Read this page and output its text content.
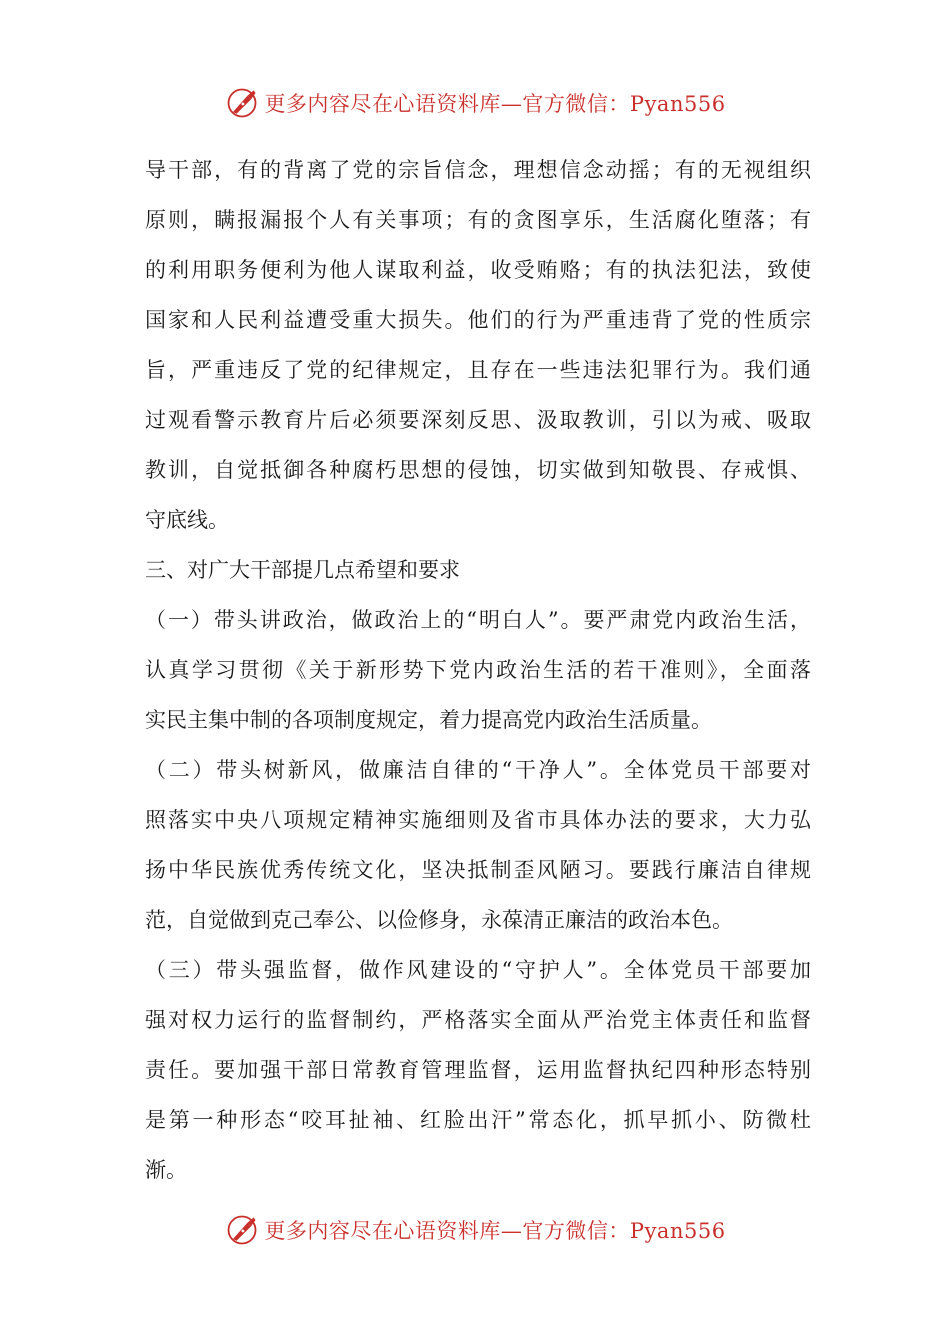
更多内容尽在心语资料库—官方微信：Pyan556
导干部，有的背离了党的宗旨信念，理想信念动摇；有的无视组织
原则，瞒报漏报个人有关事项；有的贪图享乐，生活腐化堕落；有
的利用职务便利为他人谋取利益，收受贿赂；有的执法犯法，致使
国家和人民利益遭受重大损失。他们的行为严重违背了党的性质宗
旨，严重违反了党的纪律规定，且存在一些违法犯罪行为。我们通
过观看警示教育片后必须要深刻反思、汲取教训，引以为戒、吸取
教训，自觉抵御各种腐朽思想的侵蚀，切实做到知敬畏、存戒惧、
守底线。
三、对广大干部提几点希望和要求
（一）带头讲政治，做政治上的“明白人”。要严肃党内政治生活，
认真学习贯彻《关于新形势下党内政治生活的若干准则》，全面落
实民主集中制的各项制度规定，着力提高党内政治生活质量。
（二）带头树新风，做廉洁自律的“干净人”。全体党员干部要对
照落实中央八项规定精神实施细则及省市具体办法的要求，大力弘
扬中华民族优秀传统文化，坚决抵制歪风陋习。要践行廉洁自律规
范，自觉做到克己奉公、以俭修身，永葆清正廉洁的政治本色。
（三）带头强监督，做作风建设的“守护人”。全体党员干部要加
强对权力运行的监督制约，严格落实全面从严治党主体责任和监督
责任。要加强干部日常教育管理监督，运用监督执纪四种形态特别
是第一种形态“咬耳扯袖、红脸出汗”常态化，抓早抓小、防微杜
渐。
更多内容尽在心语资料库—官方微信：Pyan556
